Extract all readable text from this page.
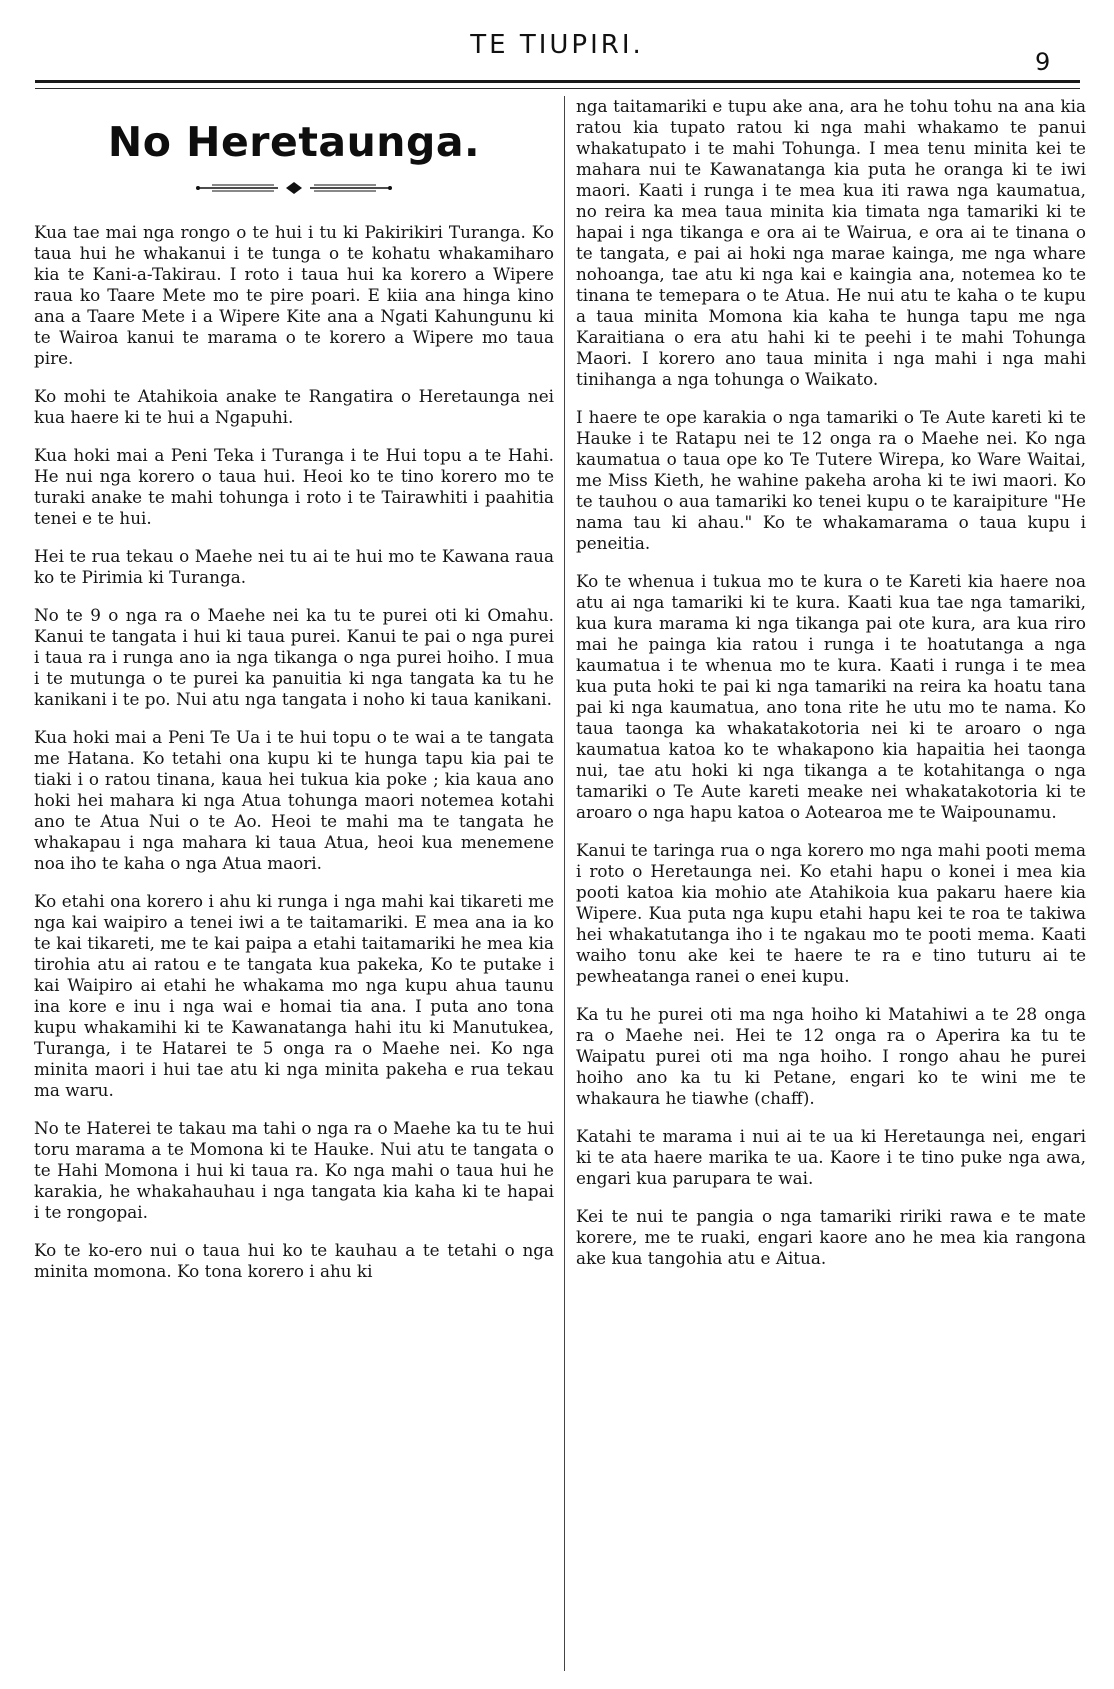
TE TIUPIRI.
9
No Heretaunga.

Kua tae mai nga rongo o te hui i tu ki Pakirikiri Turanga. Ko taua hui he whakanui i te tunga o te kohatu whakamiharo kia te Kani-a-Takirau. I roto i taua hui ka korero a Wipere raua ko Taare Mete mo te pire poari. E kiia ana hinga kino ana a Taare Mete i a Wipere Kite ana a Ngati Kahungunu ki te Wairoa kanui te marama o te korero a Wipere mo taua pire.

Ko mohi te Atahikoia anake te Rangatira o Heretaunga nei kua haere ki te hui a Ngapuhi.

Kua hoki mai a Peni Teka i Turanga i te Hui topu a te Hahi. He nui nga korero o taua hui. Heoi ko te tino korero mo te turaki anake te mahi tohunga i roto i te Tairawhiti i paahitia tenei e te hui.

Hei te rua tekau o Maehe nei tu ai te hui mo te Kawana raua ko te Pirimia ki Turanga.

No te 9 o nga ra o Maehe nei ka tu te purei oti ki Omahu. Kanui te tangata i hui ki taua purei. Kanui te pai o nga purei i taua ra i runga ano ia nga tikanga o nga purei hoiho. I mua i te mutunga o te purei ka panuitia ki nga tangata ka tu he kanikani i te po. Nui atu nga tangata i noho ki taua kanikani.

Kua hoki mai a Peni Te Ua i te hui topu o te wai a te tangata me Hatana. Ko tetahi ona kupu ki te hunga tapu kia pai te tiaki i o ratou tinana, kaua hei tukua kia poke ; kia kaua ano hoki hei mahara ki nga Atua tohunga maori notemea kotahi ano te Atua Nui o te Ao. Heoi te mahi ma te tangata he whakapau i nga mahara ki taua Atua, heoi kua menemene noa iho te kaha o nga Atua maori.

Ko etahi ona korero i ahu ki runga i nga mahi kai tikareti me nga kai waipiro a tenei iwi a te taitamariki. E mea ana ia ko te kai tikareti, me te kai paipa a etahi taitamariki he mea kia tirohia atu ai ratou e te tangata kua pakeka, Ko te putake i kai Waipiro ai etahi he whakama mo nga kupu ahua taunu ina kore e inu i nga wai e homai tia ana. I puta ano tona kupu whakamihi ki te Kawanatanga hahi itu ki Manutukea, Turanga, i te Hatarei te 5 onga ra o Maehe nei. Ko nga minita maori i hui tae atu ki nga minita pakeha e rua tekau ma waru.

No te Haterei te takau ma tahi o nga ra o Maehe ka tu te hui toru marama a te Momona ki te Hauke. Nui atu te tangata o te Hahi Momona i hui ki taua ra. Ko nga mahi o taua hui he karakia, he whakahauhau i nga tangata kia kaha ki te hapai i te rongopai.

Ko te ko-ero nui o taua hui ko te kauhau a te tetahi o nga minita momona. Ko tona korero i ahu ki

nga taitamariki e tupu ake ana, ara he tohu tohu na ana kia ratou kia tupato ratou ki nga mahi whakamo te panui whakatupato i te mahi Tohunga. I mea tenu minita kei te mahara nui te Kawanatanga kia puta he oranga ki te iwi maori. Kaati i runga i te mea kua iti rawa nga kaumatua, no reira ka mea taua minita kia timata nga tamariki ki te hapai i nga tikanga e ora ai te Wairua, e ora ai te tinana o te tangata, e pai ai hoki nga marae kainga, me nga whare nohoanga, tae atu ki nga kai e kaingia ana, notemea ko te tinana te temepara o te Atua. He nui atu te kaha o te kupu a taua minita Momona kia kaha te hunga tapu me nga Karaitiana o era atu hahi ki te peehi i te mahi Tohunga Maori. I korero ano taua minita i nga mahi i nga mahi tinihanga a nga tohunga o Waikato.

I haere te ope karakia o nga tamariki o Te Aute kareti ki te Hauke i te Ratapu nei te 12 onga ra o Maehe nei. Ko nga kaumatua o taua ope ko Te Tutere Wirepa, ko Ware Waitai, me Miss Kieth, he wahine pakeha aroha ki te iwi maori. Ko te tauhou o aua tamariki ko tenei kupu o te karaipiture "He nama tau ki ahau." Ko te whakamarama o taua kupu i peneitia.

Ko te whenua i tukua mo te kura o te Kareti kia haere noa atu ai nga tamariki ki te kura. Kaati kua tae nga tamariki, kua kura marama ki nga tikanga pai ote kura, ara kua riro mai he painga kia ratou i runga i te hoatutanga a nga kaumatua i te whenua mo te kura. Kaati i runga i te mea kua puta hoki te pai ki nga tamariki na reira ka hoatu tana pai ki nga kaumatua, ano tona rite he utu mo te nama. Ko taua taonga ka whakatakotoria nei ki te aroaro o nga kaumatua katoa ko te whakapono kia hapaitia hei taonga nui, tae atu hoki ki nga tikanga a te kotahitanga o nga tamariki o Te Aute kareti meake nei whakatakotoria ki te aroaro o nga hapu katoa o Aotearoa me te Waipounamu.

Kanui te taringa rua o nga korero mo nga mahi pooti mema i roto o Heretaunga nei. Ko etahi hapu o konei i mea kia pooti katoa kia mohio ate Atahikoia kua pakaru haere kia Wipere. Kua puta nga kupu etahi hapu kei te roa te takiwa hei whakatutanga iho i te ngakau mo te pooti mema. Kaati waiho tonu ake kei te haere te ra e tino tuturu ai te pewheatanga ranei o enei kupu.

Ka tu he purei oti ma nga hoiho ki Matahiwi a te 28 onga ra o Maehe nei. Hei te 12 onga ra o Aperira ka tu te Waipatu purei oti ma nga hoiho. I rongo ahau he purei hoiho ano ka tu ki Petane, engari ko te wini me te whakaura he tiawhe (chaff).

Katahi te marama i nui ai te ua ki Heretaunga nei, engari ki te ata haere marika te ua. Kaore i te tino puke nga awa, engari kua parupara te wai.

Kei te nui te pangia o nga tamariki ririki rawa e te mate korere, me te ruaki, engari kaore ano he mea kia rangona ake kua tangohia atu e Aitua.
